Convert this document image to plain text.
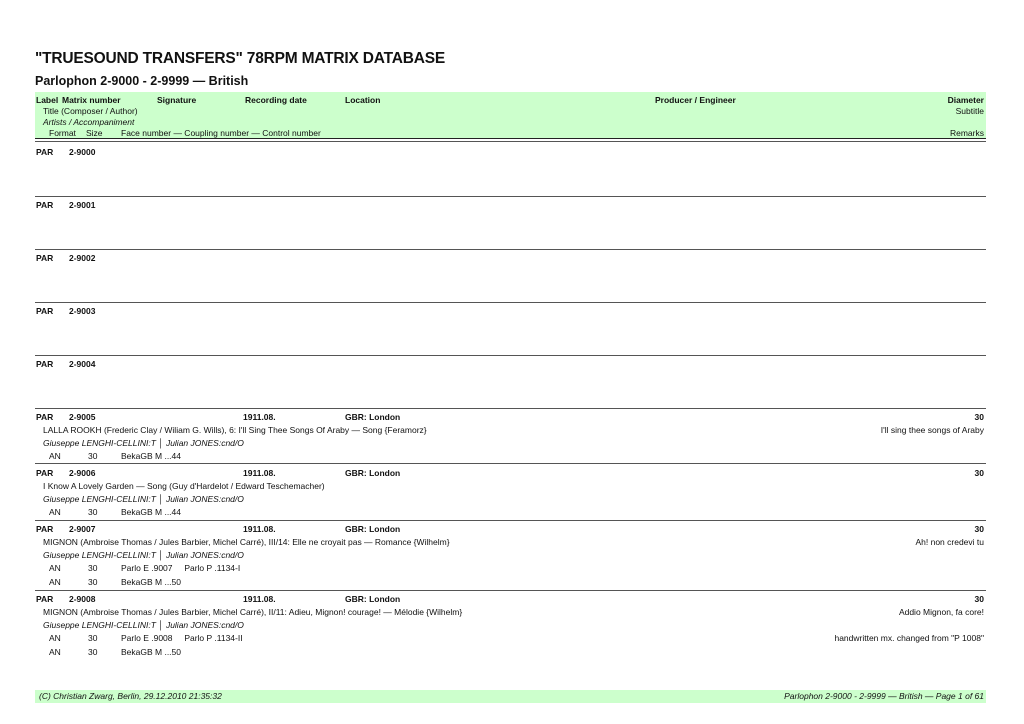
"TRUESOUND TRANSFERS" 78RPM MATRIX DATABASE
Parlophon 2-9000 - 2-9999 — British
Label Matrix number	Signature	Recording date	Location	Producer / Engineer	Diameter
Title (Composer / Author)	Subtitle
Artists / Accompaniment
Format Size Face number — Coupling number — Control number	Remarks
PAR 2-9000
PAR 2-9001
PAR 2-9002
PAR 2-9003
PAR 2-9004
PAR 2-9005	1911.08.	GBR: London	30
LALLA ROOKH (Frederic Clay / Wiliam G. Wills), 6: I'll Sing Thee Songs Of Araby — Song {Feramorz}	I'll sing thee songs of Araby
Giuseppe LENGHI-CELLINI:T │ Julian JONES:cnd/O
AN	30	BekaGB M ...44
PAR 2-9006	1911.08.	GBR: London	30
I Know A Lovely Garden — Song (Guy d'Hardelot / Edward Teschemacher)
Giuseppe LENGHI-CELLINI:T │ Julian JONES:cnd/O
AN	30	BekaGB M ...44
PAR 2-9007	1911.08.	GBR: London	30
MIGNON (Ambroise Thomas / Jules Barbier, Michel Carré), III/14: Elle ne croyait pas — Romance {Wilhelm}	Ah! non credevi tu
Giuseppe LENGHI-CELLINI:T │ Julian JONES:cnd/O
AN	30	Parlo E .9007     Parlo P .1134-I
AN	30	BekaGB M ...50
PAR 2-9008	1911.08.	GBR: London	30
MIGNON (Ambroise Thomas / Jules Barbier, Michel Carré), II/11: Adieu, Mignon! courage! — Mélodie {Wilhelm}	Addio Mignon, fa core!
Giuseppe LENGHI-CELLINI:T │ Julian JONES:cnd/O
AN	30	Parlo E .9008     Parlo P .1134-II	handwritten mx. changed from "P 1008"
AN	30	BekaGB M ...50
(C) Christian Zwarg, Berlin, 29.12.2010 21:35:32	Parlophon 2-9000 - 2-9999 — British — Page 1 of 61
